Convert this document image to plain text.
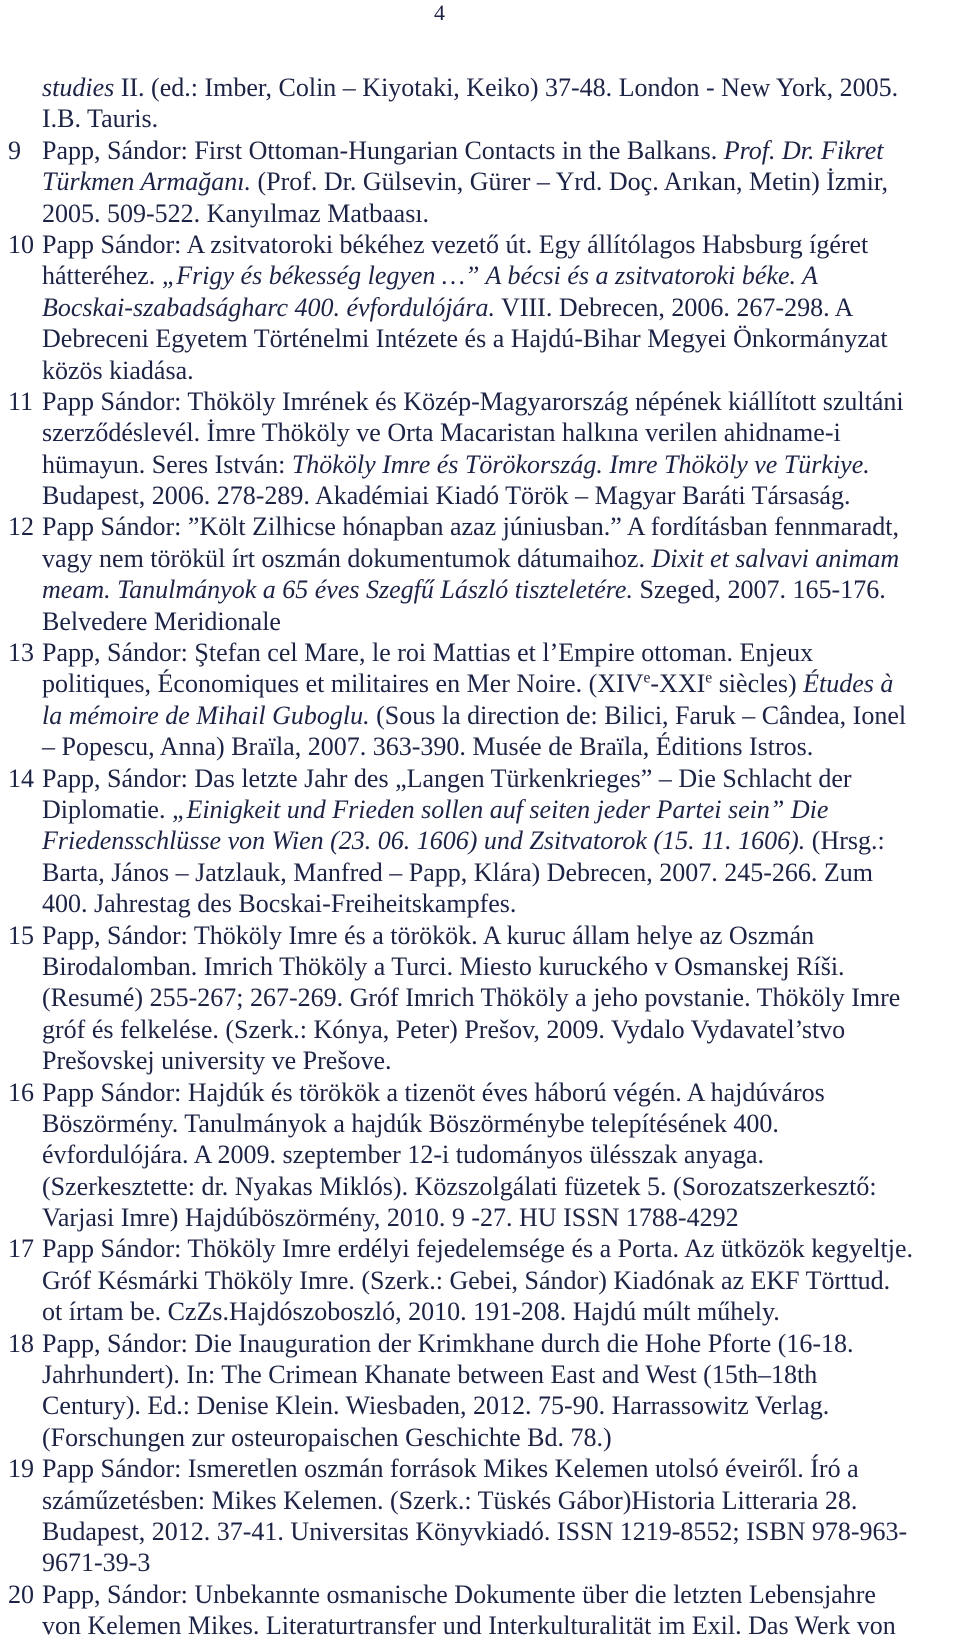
4
studies II. (ed.: Imber, Colin – Kiyotaki, Keiko) 37-48. London - New York, 2005.
I.B. Tauris.
9 Papp, Sándor: First Ottoman-Hungarian Contacts in the Balkans. Prof. Dr. Fikret
Türkmen Armağanı. (Prof. Dr. Gülsevin, Gürer – Yrd. Doç. Arıkan, Metin) İzmir,
2005. 509-522. Kanyılmaz Matbaası.
10 Papp Sándor: A zsitvatoroki békéhez vezető út. Egy állítólagos Habsburg ígéret
hátteréhez. „Frigy és békesség legyen …” A bécsi és a zsitvatoroki béke. A
Bocskai-szabadságharc 400. évfordulójára. VIII. Debrecen, 2006. 267-298. A
Debreceni Egyetem Történelmi Intézete és a Hajdú-Bihar Megyei Önkormányzat
közös kiadása.
11 Papp Sándor: Thököly Imrének és Közép-Magyarország népének kiállított szultáni
szerződéslevél. İmre Thököly ve Orta Macaristan halkına verilen ahidname-i
hümayun. Seres István: Thököly Imre és Törökország. Imre Thököly ve Türkiye.
Budapest, 2006. 278-289. Akadémiai Kiadó Török – Magyar Baráti Társaság.
12 Papp Sándor: ”Költ Zilhicse hónapban azaz júniusban.” A fordításban fennmaradt,
vagy nem törökül írt oszmán dokumentumok dátumaihoz. Dixit et salvavi animam
meam. Tanulmányok a 65 éves Szegfű László tiszteletére. Szeged, 2007. 165-176.
Belvedere Meridionale
13 Papp, Sándor: Ştefan cel Mare, le roi Mattias et l’Empire ottoman. Enjeux
politiques, Économiques et militaires en Mer Noire. (XIVe-XXIe siècles) Études à
la mémoire de Mihail Guboglu. (Sous la direction de: Bilici, Faruk – Cândea, Ionel
– Popescu, Anna) Braïla, 2007. 363-390. Musée de Braïla, Éditions Istros.
14 Papp, Sándor: Das letzte Jahr des „Langen Türkenkrieges” – Die Schlacht der
Diplomatie. „Einigkeit und Frieden sollen auf seiten jeder Partei sein” Die
Friedensschlüsse von Wien (23. 06. 1606) und Zsitvatorok (15. 11. 1606). (Hrsg.:
Barta, János – Jatzlauk, Manfred – Papp, Klára) Debrecen, 2007. 245-266. Zum
400. Jahrestag des Bocskai-Freiheitskampfes.
15 Papp, Sándor: Thököly Imre és a törökök. A kuruc állam helye az Oszmán
Birodalomban. Imrich Thököly a Turci. Miesto kuruckého v Osmanskej Ríši.
(Resumé) 255-267; 267-269. Gróf Imrich Thököly a jeho povstanie. Thököly Imre
gróf és felkelése. (Szerk.: Kónya, Peter) Prešov, 2009. Vydalo Vydavatel’stvo
Prešovskej university ve Prešove.
16 Papp Sándor: Hajdúk és törökök a tizenöt éves háború végén. A hajdúváros
Böszörmény. Tanulmányok a hajdúk Böszörménybe telepítésének 400.
évfordulójára. A 2009. szeptember 12-i tudományos ülésszak anyaga.
(Szerkesztette: dr. Nyakas Miklós). Közszolgálati füzetek 5. (Sorozatszerkesztő:
Varjasi Imre) Hajdúböszörmény, 2010. 9 -27. HU ISSN 1788-4292
17 Papp Sándor: Thököly Imre erdélyi fejedelemsége és a Porta. Az ütközök kegyeltje.
Gróf Késmárki Thököly Imre. (Szerk.: Gebei, Sándor) Kiadónak az EKF Törttud.
ot írtam be. CzZs.Hajdószoboszló, 2010. 191-208. Hajdú múlt műhely.
18 Papp, Sándor: Die Inauguration der Krimkhane durch die Hohe Pforte (16-18.
Jahrhundert). In: The Crimean Khanate between East and West (15th–18th
Century). Ed.: Denise Klein. Wiesbaden, 2012. 75-90. Harrassowitz Verlag.
(Forschungen zur osteuropaischen Geschichte Bd. 78.)
19 Papp Sándor: Ismeretlen oszmán források Mikes Kelemen utolsó éveiről. Író a
száműzetésben: Mikes Kelemen. (Szerk.: Tüskés Gábor)Historia Litteraria 28.
Budapest, 2012. 37-41. Universitas Könyvkiadó. ISSN 1219-8552; ISBN 978-963-
9671-39-3
20 Papp, Sándor: Unbekannte osmanische Dokumente über die letzten Lebensjahre
von Kelemen Mikes. Literaturtransfer und Interkulturalität im Exil. Das Werk von
